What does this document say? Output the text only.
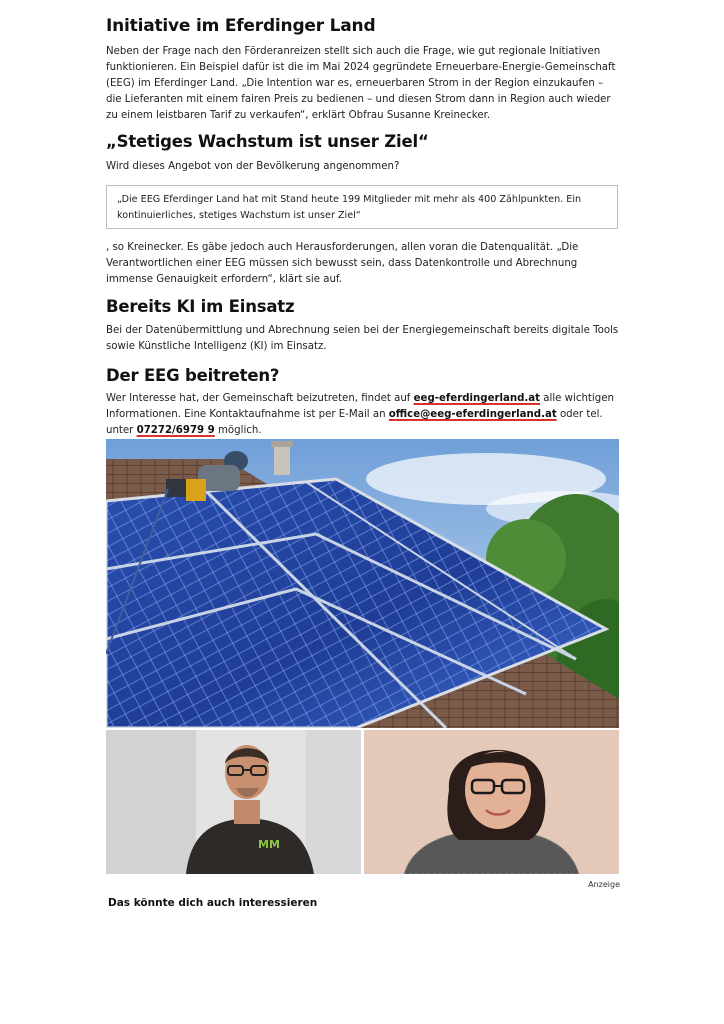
Initiative im Eferdinger Land

Neben der Frage nach den Förderanreizen stellt sich auch die Frage, wie gut regionale Initiativen funktionieren. Ein Beispiel dafür ist die im Mai 2024 gegründete Erneuerbare-Energie-Gemeinschaft (EEG) im Eferdinger Land. „Die Intention war es, erneuerbaren Strom in der Region einzukaufen – die Lieferanten mit einem fairen Preis zu bedienen – und diesen Strom dann in Region auch wieder zu einem leistbaren Tarif zu verkaufen“, erklärt Obfrau Susanne Kreinecker.

„Stetiges Wachstum ist unser Ziel“

Wird dieses Angebot von der Bevölkerung angenommen?

„Die EEG Eferdinger Land hat mit Stand heute 199 Mitglieder mit mehr als 400 Zählpunkten. Ein kontinuierliches, stetiges Wachstum ist unser Ziel“

, so Kreinecker. Es gäbe jedoch auch Herausforderungen, allen voran die Datenqualität. „Die Verantwortlichen einer EEG müssen sich bewusst sein, dass Datenkontrolle und Abrechnung immense Genauigkeit erfordern“, klärt sie auf.

Bereits KI im Einsatz

Bei der Datenübermittlung und Abrechnung seien bei der Energiegemeinschaft bereits digitale Tools sowie Künstliche Intelligenz (KI) im Einsatz.

Der EEG beitreten?

Wer Interesse hat, der Gemeinschaft beizutreten, findet auf eeg-eferdingerland.at alle wichtigen Informationen. Eine Kontaktaufnahme ist per E-Mail an office@eeg-eferdingerland.at oder tel. unter 07272/6979 9 möglich.

MM
Anzeige
Das könnte dich auch interessieren
